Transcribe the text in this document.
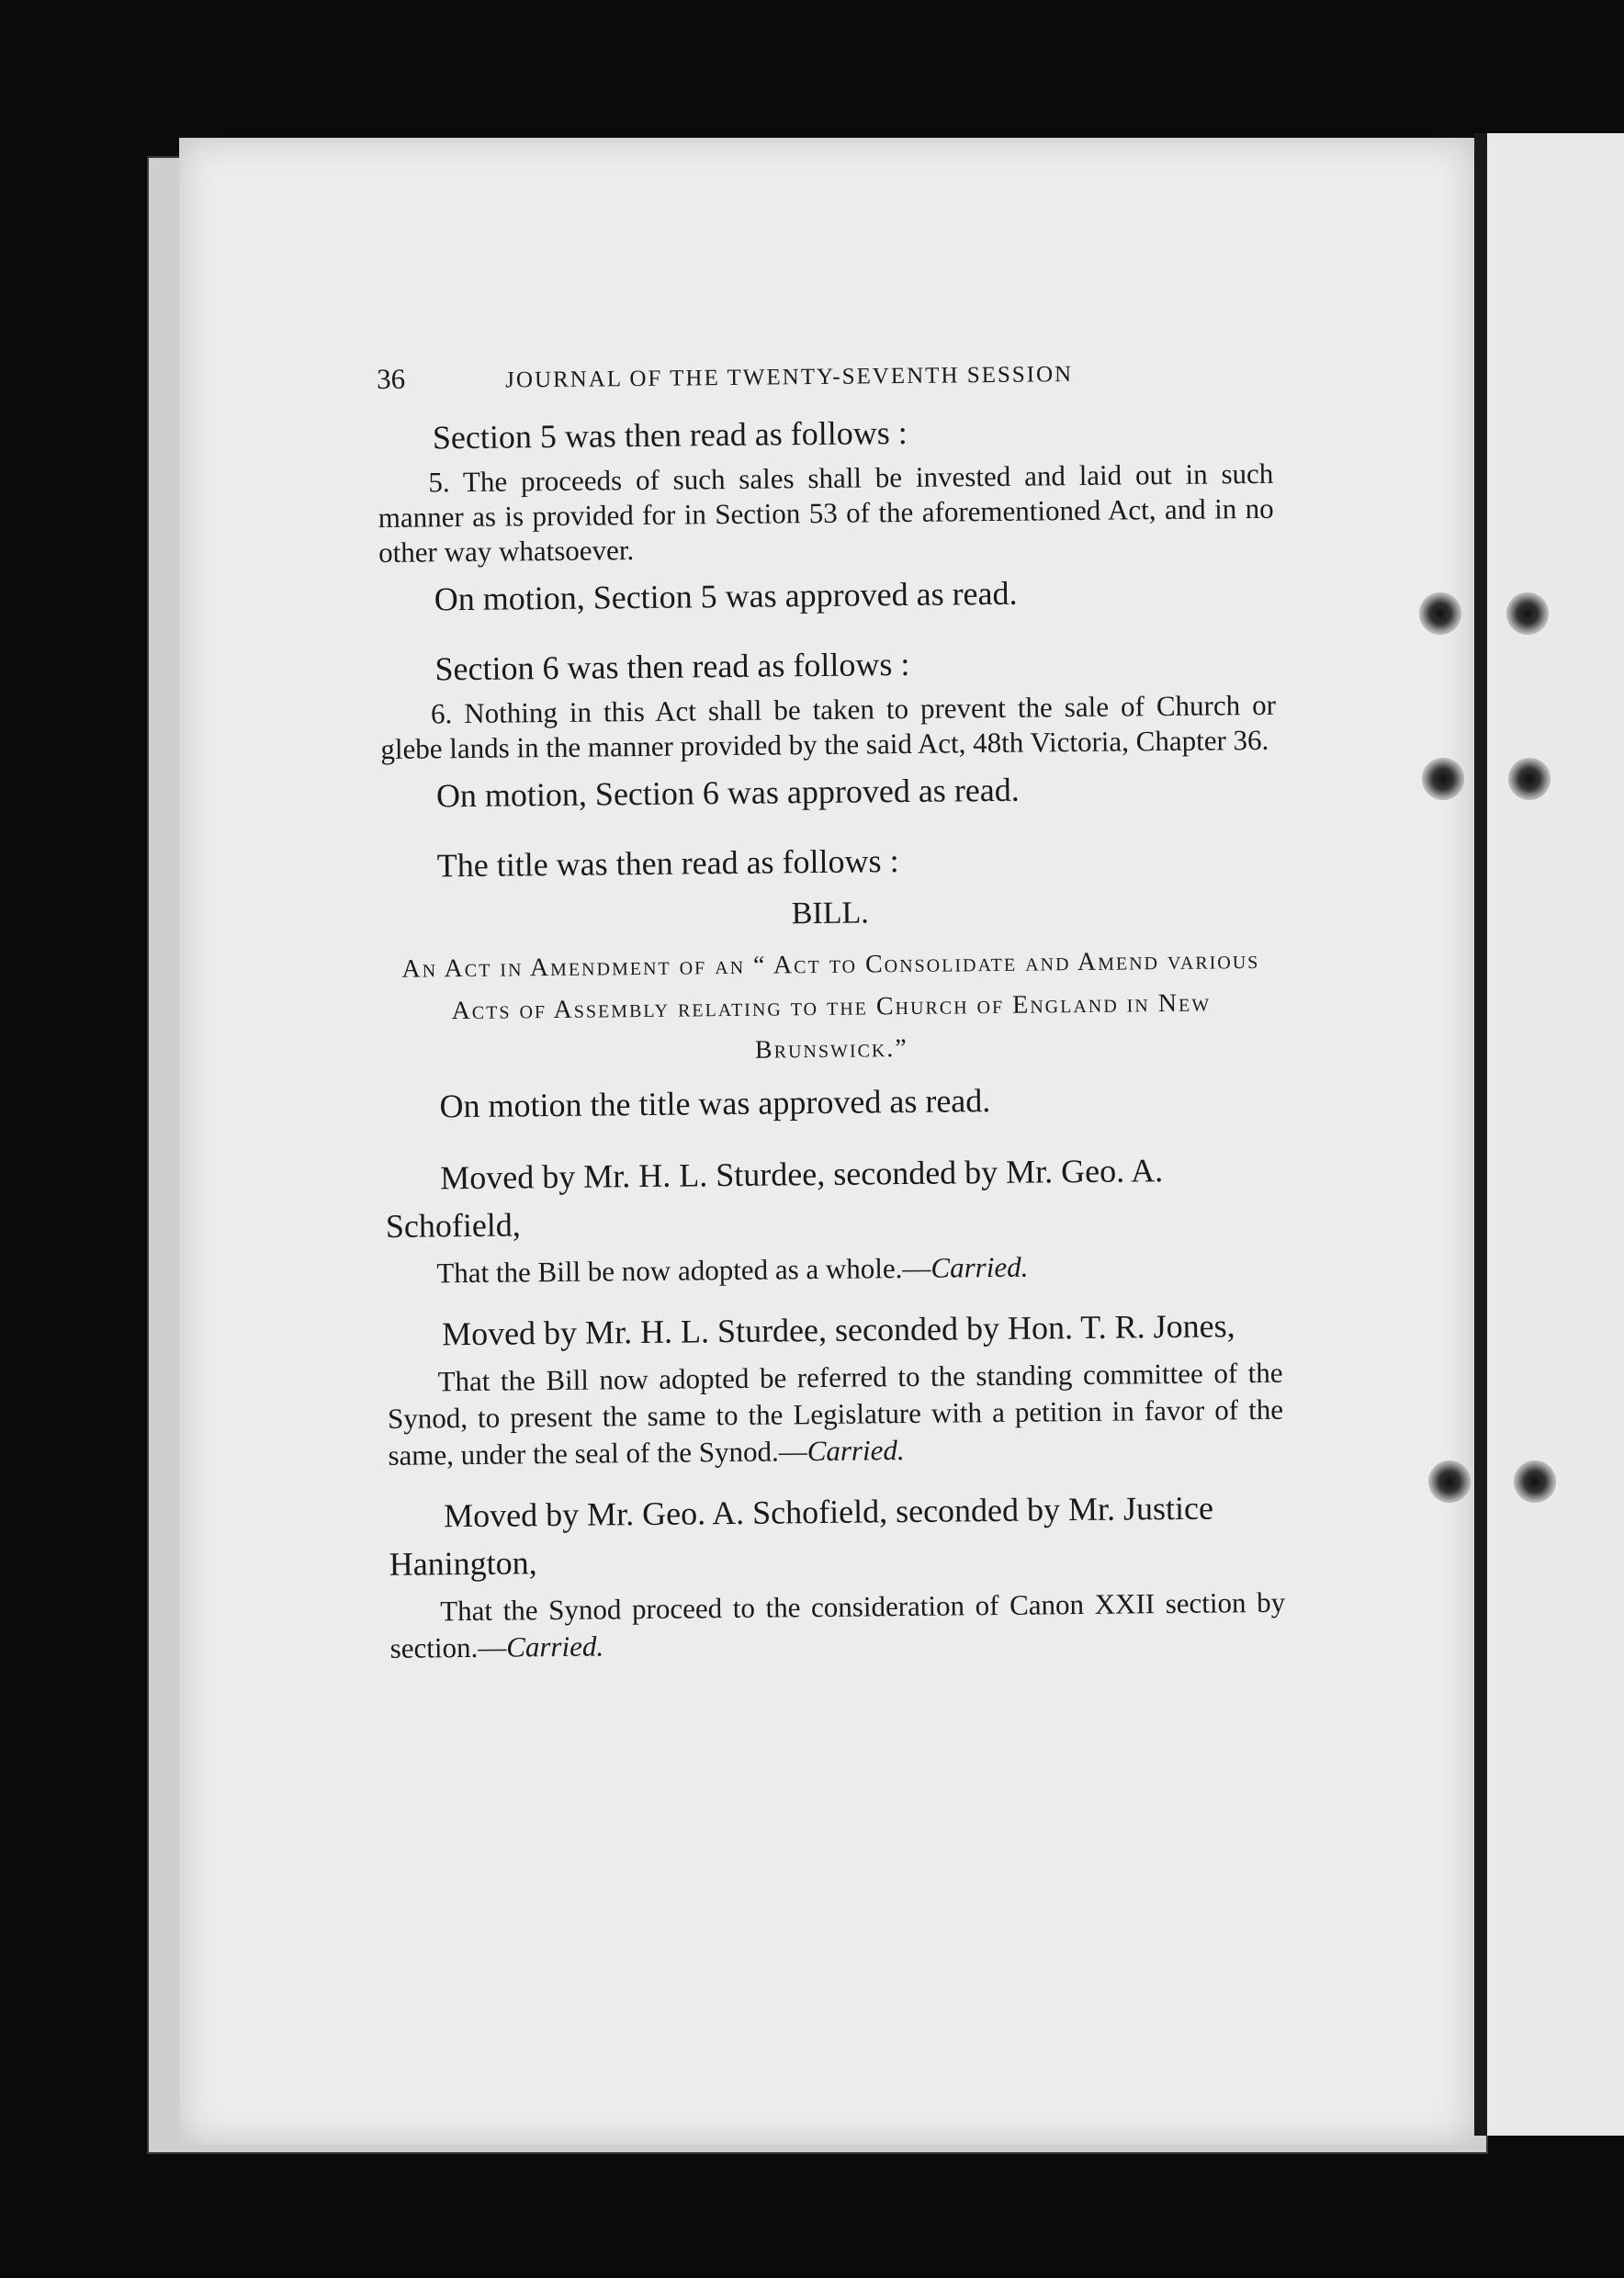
36	JOURNAL OF THE TWENTY-SEVENTH SESSION

Section 5 was then read as follows :

5. The proceeds of such sales shall be invested and laid out in such manner as is provided for in Section 53 of the aforementioned Act, and in no other way whatsoever.

On motion, Section 5 was approved as read.

Section 6 was then read as follows :

6. Nothing in this Act shall be taken to prevent the sale of Church or glebe lands in the manner provided by the said Act, 48th Victoria, Chapter 36.

On motion, Section 6 was approved as read.

The title was then read as follows :

BILL.

An Act in Amendment of an “ Act to Consolidate and Amend various Acts of Assembly relating to the Church of England in New Brunswick.”

On motion the title was approved as read.

Moved by Mr. H. L. Sturdee, seconded by Mr. Geo. A. Schofield,

That the Bill be now adopted as a whole.—Carried.

Moved by Mr. H. L. Sturdee, seconded by Hon. T. R. Jones,

That the Bill now adopted be referred to the standing committee of the Synod, to present the same to the Legislature with a petition in favor of the same, under the seal of the Synod.—Carried.

Moved by Mr. Geo. A. Schofield, seconded by Mr. Justice Hanington,

That the Synod proceed to the consideration of Canon XXII section by section.—Carried.
